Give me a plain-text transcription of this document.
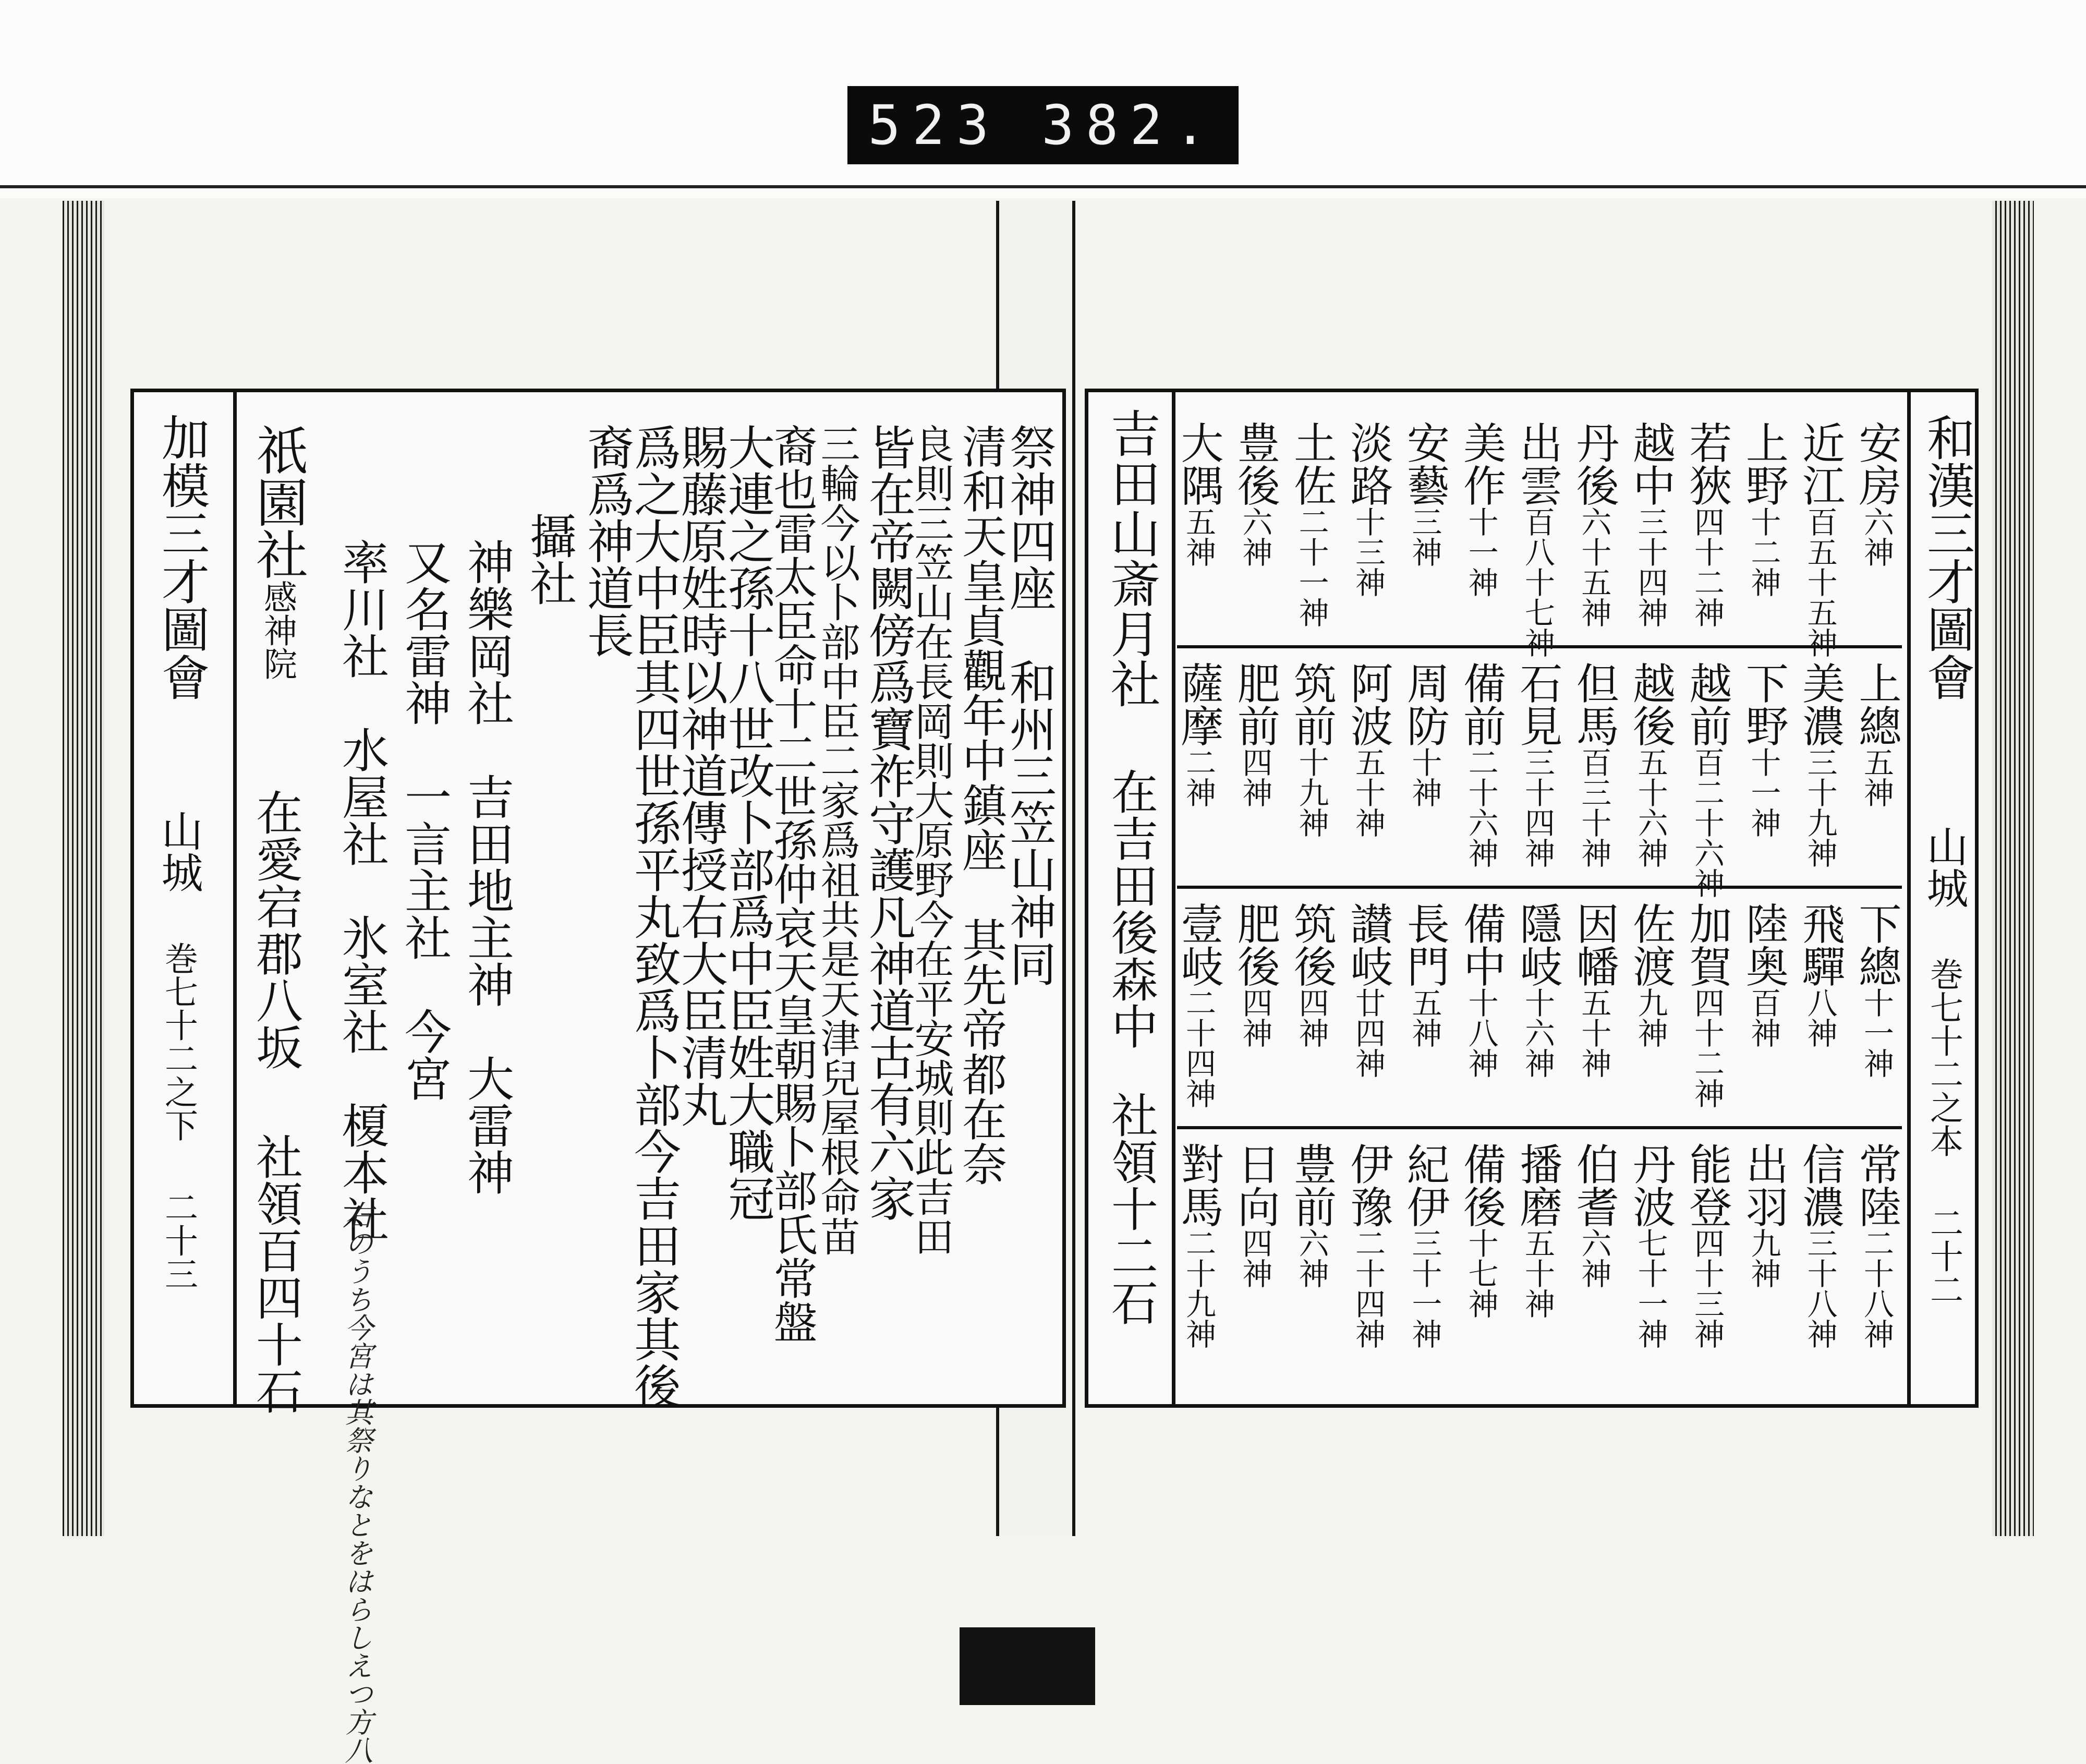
523 382.
加模三才圖會
山城 巻七十二之下 二十三
祇園社感神院
在愛宕郡八坂
社領百四十石
率川社　水屋社　氷室社　榎本社 又名雷神　一言主社　今宮 神樂岡社　吉田地主神　大雷神 攝社
右のうち今宮は其祭りなとをはらしえつ方八
裔爲神道長
爲之大中臣其四世孫平丸致爲卜部今吉田家其後
賜藤原姓時以神道傳授右大臣清丸
大連之孫十八世改卜部爲中臣姓大職冠
裔也雷太臣命十二世孫仲哀天皇朝賜卜部氏常盤
三輪今以卜部中臣二家爲祖共是天津兒屋根命苗 皆在帝闕傍爲寶祚守護凡神道古有六家
良則三笠山在長岡則大原野今在平安城則此吉田 清和天皇貞觀年中鎮座　其先帝都在奈
祭神四座　和州三笠山神同 吉田山斎月社
在吉田後森中
社領十二石
安房六神
近江百五十五神
上野十二神
若狹四十二神
越中三十四神
丹後六十五神
出雲百八十七神
美作十一神
安藝三神
淡路十三神
土佐二十一神
豊後六神
大隅五神
上總五神
美濃三十九神
下野十一神
越前百二十六神
越後五十六神
但馬百三十神
石見三十四神
備前二十六神
周防十神
阿波五十神
筑前十九神
肥前四神
薩摩二神
下總十一神
飛驒八神
陸奥百神
加賀四十二神
佐渡九神
因幡五十神
隱岐十六神
備中十八神
長門五神
讃岐廿四神
筑後四神
肥後四神
壹岐二十四神
常陸二十八神
信濃三十八神
出羽九神
能登四十三神
丹波七十一神
伯耆六神
播磨五十神
備後十七神
紀伊三十一神
伊豫二十四神
豊前六神
日向四神
對馬二十九神
和漢三才圖會
山城 巻七十二之本 二十二
